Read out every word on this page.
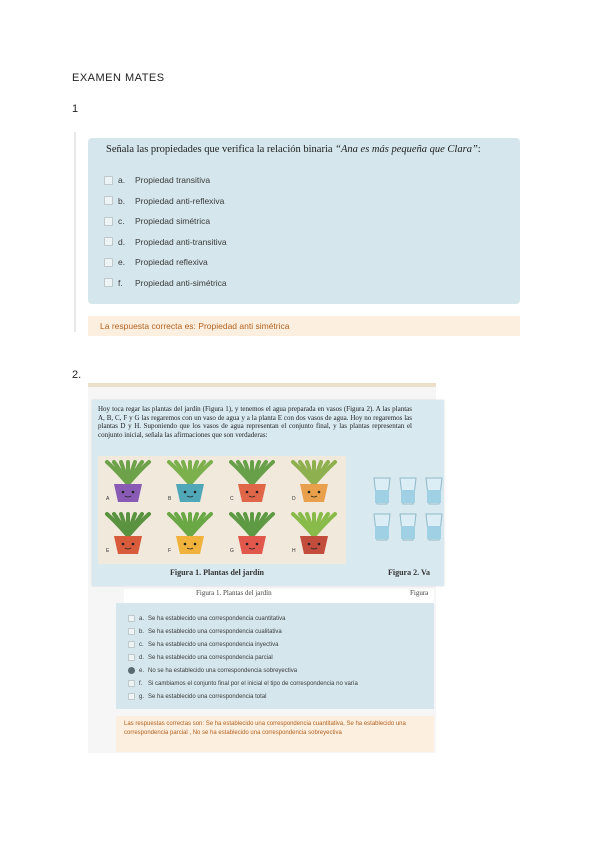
EXAMEN MATES
1
Señala las propiedades que verifica la relación binaria “Ana es más pequeña que Clara”:
a.	Propiedad transitiva
b.	Propiedad anti-reflexiva
c.	Propiedad simétrica
d.	Propiedad anti-transitiva
e.	Propiedad reflexiva
f.	Propiedad anti-simétrica
La respuesta correcta es: Propiedad anti simétrica
2.
Hoy toca regar las plantas del jardín (Figura 1), y tenemos el agua preparada en vasos (Figura 2). A las plantas A, B, C, F y G las regaremos con un vaso de agua y a la planta E con dos vasos de agua. Hoy no regaremos las plantas D y H. Suponiendo que los vasos de agua representan el conjunto final, y las plantas representan el conjunto inicial, señala las afirmaciones que son verdaderas:
A	B	C	D
E	F	G	H
Figura 1. Plantas del jardín	Figura 2. Va
Figura 1. Plantas del jardín	Figura
a. Se ha establecido una correspondencia cuantitativa
b. Se ha establecido una correspondencia cualitativa
c. Se ha establecido una correspondencia inyectiva
d. Se ha establecido una correspondencia parcial
e. No se ha establecido una correspondencia sobreyectiva
f. Si cambiamos el conjunto final por el inicial el tipo de correspondencia no varía
g. Se ha establecido una correspondencia total
Las respuestas correctas son: Se ha establecido una correspondencia cuantitativa, Se ha establecido una correspondencia parcial , No se ha establecido una correspondencia sobreyectiva
